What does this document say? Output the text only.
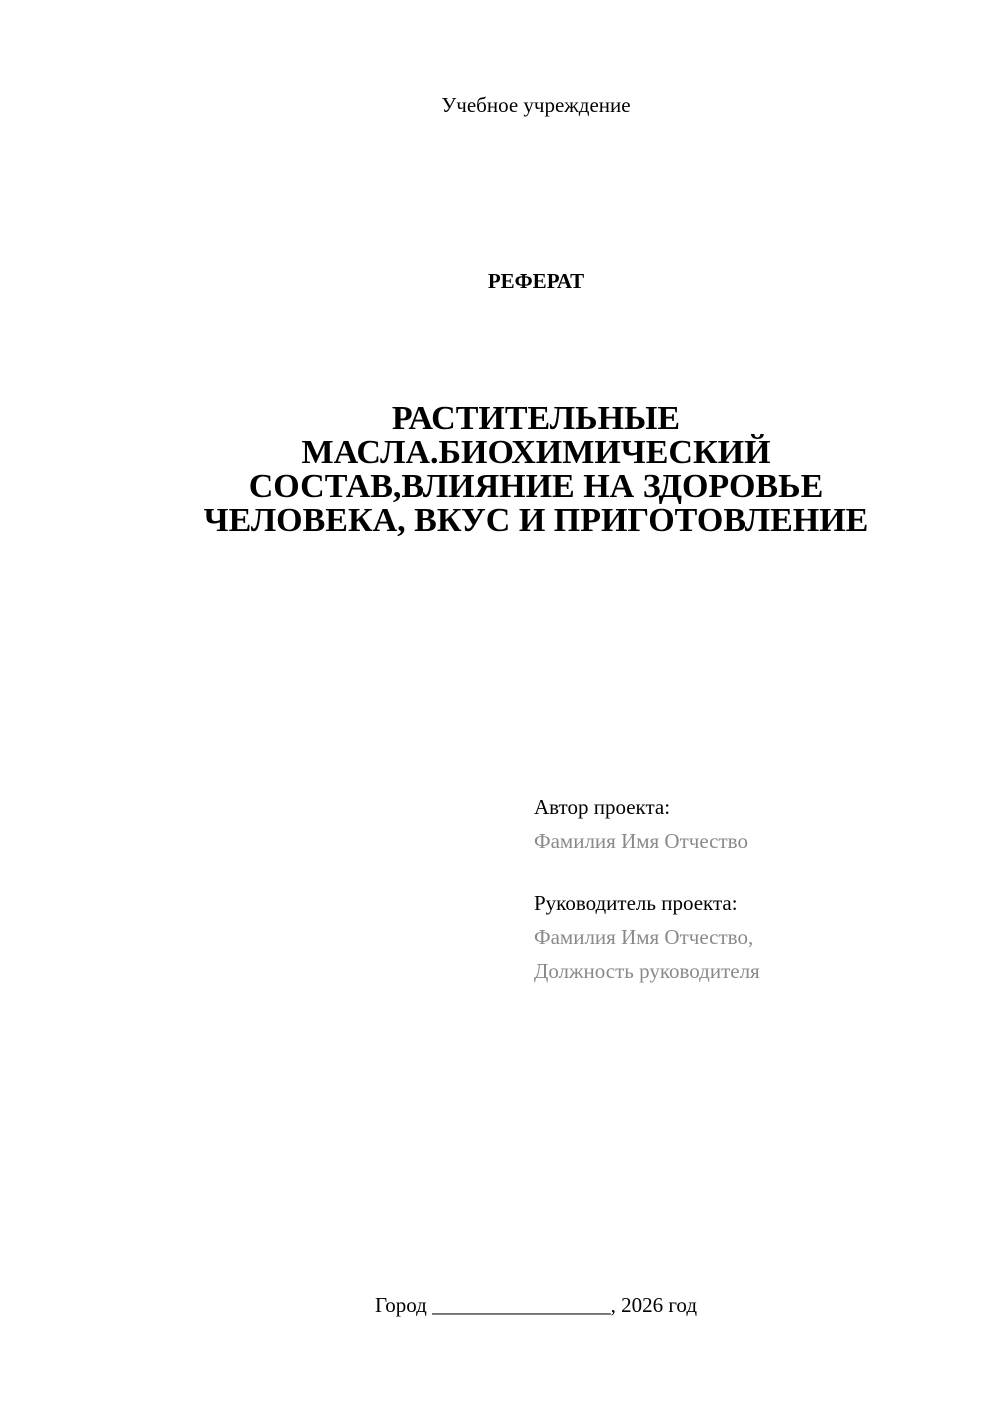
Учебное учреждение
РЕФЕРАТ
РАСТИТЕЛЬНЫЕ
МАСЛА.БИОХИМИЧЕСКИЙ
СОСТАВ,ВЛИЯНИЕ НА ЗДОРОВЬЕ
ЧЕЛОВЕКА, ВКУС И ПРИГОТОВЛЕНИЕ
Автор проекта:
Фамилия Имя Отчество
Руководитель проекта:
Фамилия Имя Отчество,
Должность руководителя
Город _________________, 2026 год
